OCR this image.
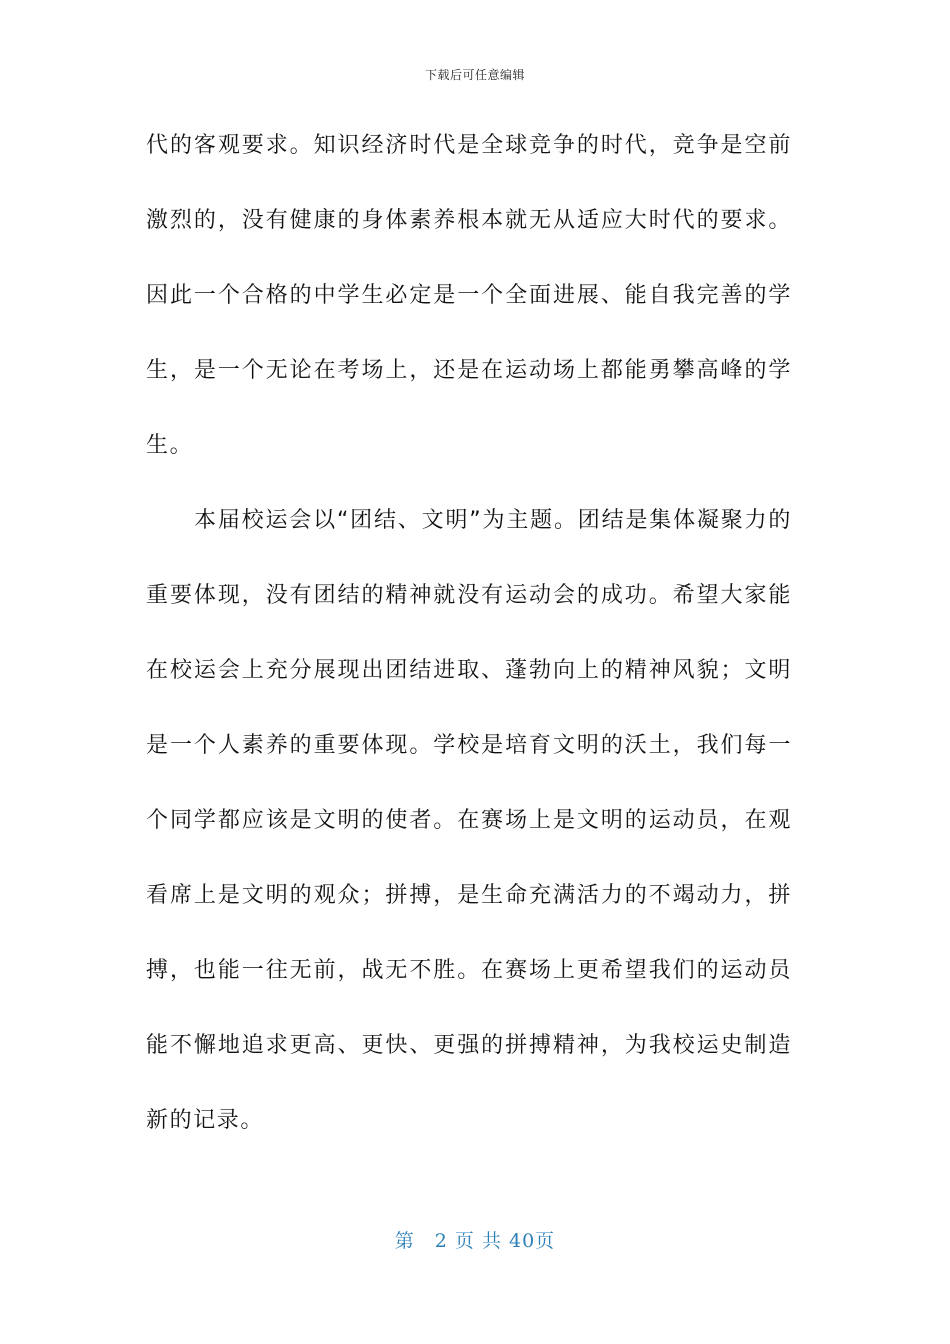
下载后可任意编辑

代的客观要求。知识经济时代是全球竞争的时代，竞争是空前激烈的，没有健康的身体素养根本就无从适应大时代的要求。因此一个合格的中学生必定是一个全面进展、能自我完善的学生，是一个无论在考场上，还是在运动场上都能勇攀高峰的学生。

本届校运会以“团结、文明”为主题。团结是集体凝聚力的重要体现，没有团结的精神就没有运动会的成功。希望大家能在校运会上充分展现出团结进取、蓬勃向上的精神风貌；文明是一个人素养的重要体现。学校是培育文明的沃土，我们每一个同学都应该是文明的使者。在赛场上是文明的运动员，在观看席上是文明的观众；拼搏，是生命充满活力的不竭动力，拼搏，也能一往无前，战无不胜。在赛场上更希望我们的运动员能不懈地追求更高、更快、更强的拼搏精神，为我校运史制造新的记录。

第　2 页 共 40页
